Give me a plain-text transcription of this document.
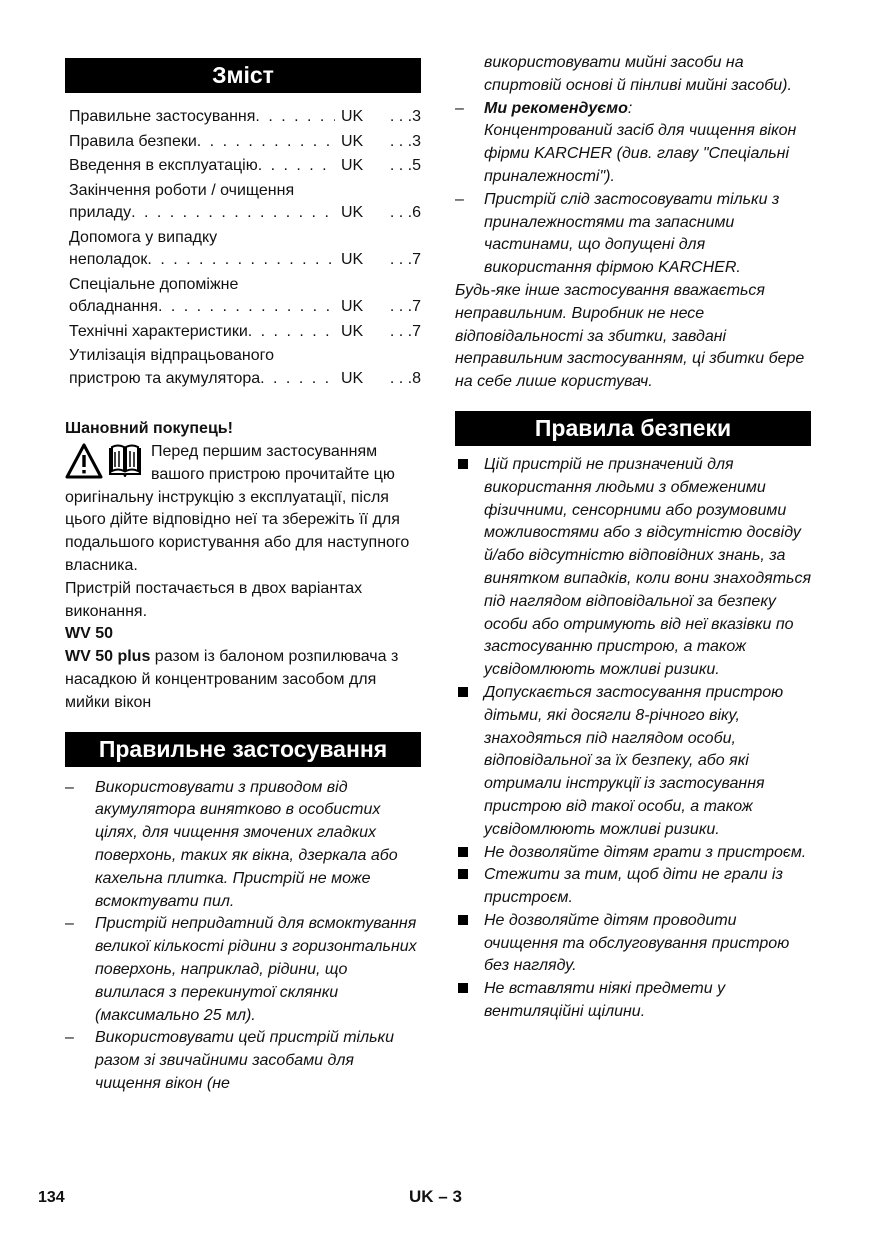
Зміст
Правильне застосування . . .	UK	. . .3
Правила безпеки . . .	UK	. . .3
Введення в експлуатацію . . .	UK	. . .5
Закінчення роботи / очищення
приладу . . .	UK	. . .6
Допомога у випадку
неполадок . . .	UK	. . .7
Спеціальне допоміжне
обладнання . . .	UK	. . .7
Технічні характеристики . . .	UK	. . .7
Утилізація відпрацьованого
пристрою та акумулятора . . .	UK	. . .8
Шановний покупець!
Перед першим застосуванням вашого пристрою прочитайте цю оригінальну інструкцію з експлуатації, після цього дійте відповідно неї та збережіть її для подальшого користування або для наступного власника.
Пристрій постачається в двох варіантах виконання.
WV 50
WV 50 plus разом із балоном розпилювача з насадкою й концентрованим засобом для мийки вікон
Правильне застосування
–	Використовувати з приводом від акумулятора винятково в особистих цілях, для чищення змочених гладких поверхонь, таких як вікна, дзеркала або кахельна плитка. Пристрій не може всмоктувати пил.
–	Пристрій непридатний для всмоктування великої кількості рідини з горизонтальних поверхонь, наприклад, рідини, що вилилася з перекинутої склянки (максимально 25 мл).
–	Використовувати цей пристрій тільки разом зі звичайними засобами для чищення вікон (не
використовувати мийні засоби на спиртовій основі й пінливі мийні засоби).
–	Ми рекомендуємо:
Концентрований засіб для чищення вікон фірми KARCHER (див. главу "Спеціальні приналежності").
–	Пристрій слід застосовувати тільки з приналежностями та запасними частинами, що допущені для використання фірмою KARCHER.
Будь-яке інше застосування вважається неправильним. Виробник не несе відповідальності за збитки, завдані неправильним застосуванням, ці збитки бере на себе лише користувач.
Правила безпеки
Цій пристрій не призначений для використання людьми з обмеженими фізичними, сенсорними або розумовими можливостями або з відсутністю досвіду й/або відсутністю відповідних знань, за винятком випадків, коли вони знаходяться під наглядом відповідальної за безпеку особи або отримують від неї вказівки по застосуванню пристрою, а також усвідомлюють можливі ризики.
Допускається застосування пристрою дітьми, які досягли 8-річного віку, знаходяться під наглядом особи, відповідальної за їх безпеку, або які отримали інструкції із застосування пристрою від такої особи, а також усвідомлюють можливі ризики.
Не дозволяйте дітям грати з пристроєм.
Стежити за тим, щоб діти не грали із пристроєм.
Не дозволяйте дітям проводити очищення та обслуговування пристрою без нагляду.
Не вставляти ніякі предмети у вентиляційні щілини.
134	UK – 3
